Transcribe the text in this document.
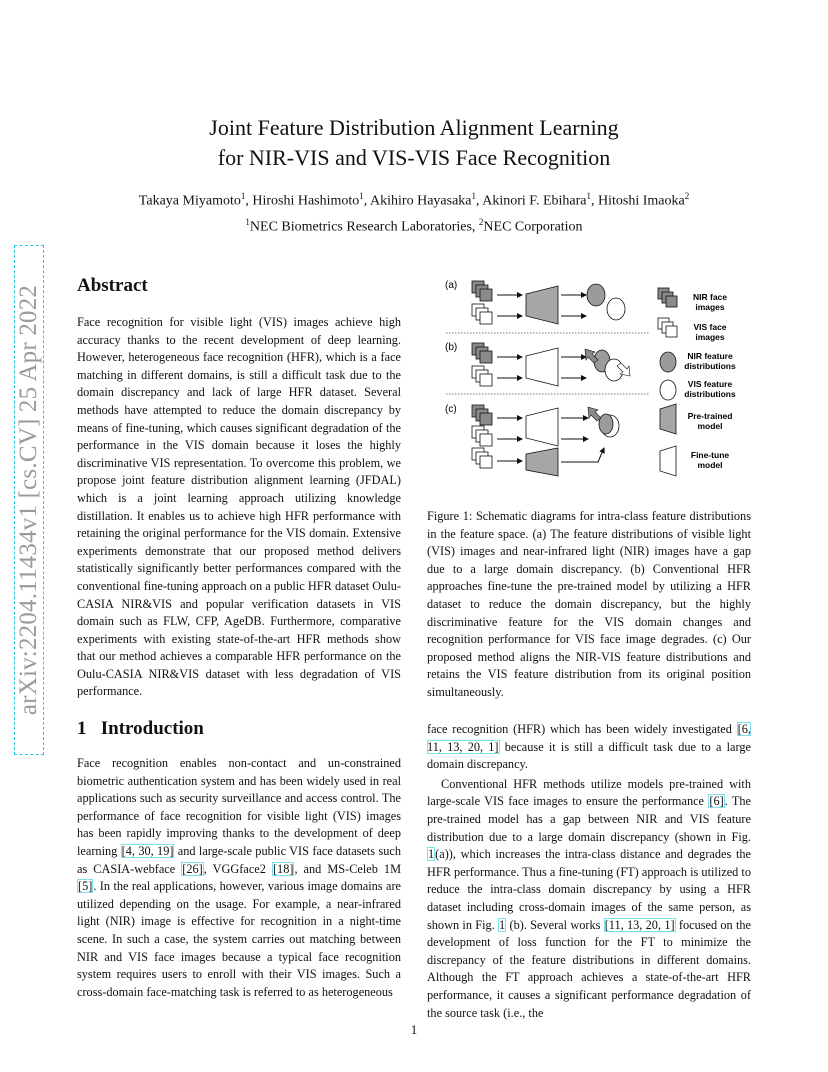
Joint Feature Distribution Alignment Learning
for NIR-VIS and VIS-VIS Face Recognition
Takaya Miyamoto$^1$, Hiroshi Hashimoto$^1$, Akihiro Hayasaka$^1$, Akinori F. Ebihara$^1$, Hitoshi Imaoka$^2$
$^1$NEC Biometrics Research Laboratories, $^2$NEC Corporation
arXiv:2204.11434v1 [cs.CV] 25 Apr 2022 Abstract

Face recognition for visible light (VIS) images achieve high accuracy thanks to the recent development of deep learning. However, heterogeneous face recognition (HFR), which is a face matching in different domains, is still a difficult task due to the domain discrepancy and lack of large HFR dataset. Several methods have attempted to reduce the domain discrepancy by means of fine-tuning, which causes significant degradation of the performance in the VIS domain because it loses the highly discriminative VIS representation. To overcome this problem, we propose joint feature distribution alignment learning (JFDAL) which is a joint learning approach utilizing knowledge distillation. It enables us to achieve high HFR performance with retaining the original performance for the VIS domain. Extensive experiments demonstrate that our proposed method delivers statistically significantly better performances compared with the conventional fine-tuning approach on a public HFR dataset Oulu-CASIA NIR&VIS and popular verification datasets in VIS domain such as FLW, CFP, AgeDB. Furthermore, comparative experiments with existing state-of-the-art HFR methods show that our method achieves a comparable HFR performance on the Oulu-CASIA NIR&VIS dataset with less degradation of VIS performance.

(a)
(b)
(c)
NIR face
images
VIS face
images
NIR feature
distributions
VIS feature
distributions
Pre-trained
model
Fine-tune
model

Figure 1: Schematic diagrams for intra-class feature distributions in the feature space. (a) The feature distributions of visible light (VIS) images and near-infrared light (NIR) images have a gap due to a large domain discrepancy. (b) Conventional HFR approaches fine-tune the pre-trained model by utilizing a HFR dataset to reduce the domain discrepancy, but the highly discriminative feature for the VIS domain changes and recognition performance for VIS face image degrades. (c) Our proposed method aligns the NIR-VIS feature distributions and retains the VIS feature distribution from its original position simultaneously.

1 Introduction

Face recognition enables non-contact and un-constrained biometric authentication system and has been widely used in real applications such as security surveillance and access control. The performance of face recognition for visible light (VIS) images has been rapidly improving thanks to the development of deep learning [4, 30, 19] and large-scale public VIS face datasets such as CASIA-webface [26], VGGface2 [18], and MS-Celeb 1M [5]. In the real applications, however, various image domains are utilized depending on the usage. For example, a near-infrared light (NIR) image is effective for recognition in a night-time scene. In such a case, the system carries out matching between NIR and VIS face images because a typical face recognition system requires users to enroll with their VIS images. Such a cross-domain face-matching task is referred to as heterogeneous

face recognition (HFR) which has been widely investigated [6, 11, 13, 20, 1] because it is still a difficult task due to a large domain discrepancy.

Conventional HFR methods utilize models pre-trained with large-scale VIS face images to ensure the performance [6]. The pre-trained model has a gap between NIR and VIS feature distribution due to a large domain discrepancy (shown in Fig. 1(a)), which increases the intra-class distance and degrades the HFR performance. Thus a fine-tuning (FT) approach is utilized to reduce the intra-class domain discrepancy by using a HFR dataset including cross-domain images of the same person, as shown in Fig. 1 (b). Several works [11, 13, 20, 1] focused on the development of loss function for the FT to minimize the discrepancy of the feature distributions in different domains. Although the FT approach achieves a state-of-the-art HFR performance, it causes a significant performance degradation of the source task (i.e., the

1
